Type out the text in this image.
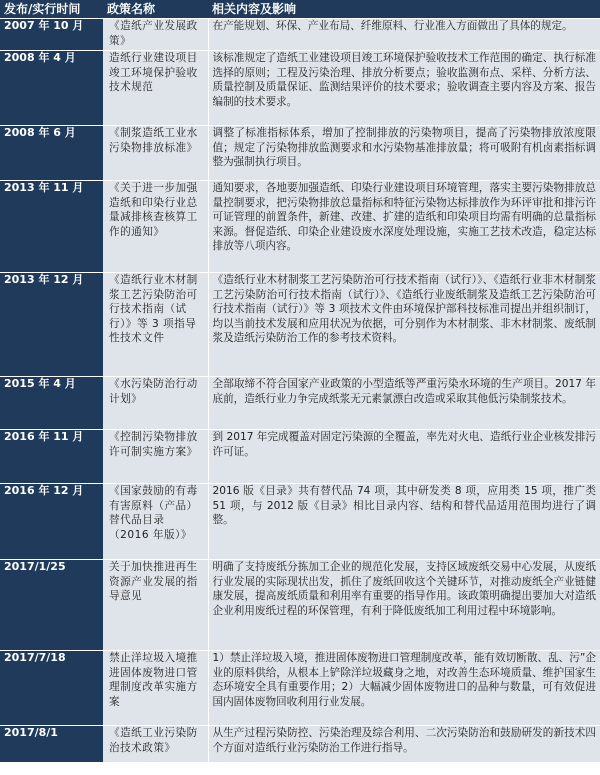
发布/实行时间	政策名称	相关内容及影响
2007 年 10 月	《造纸产业发展政策》	在产能规划、环保、产业布局、纤维原料、行业准入方面做出了具体的规定。
2008 年 4 月	造纸行业建设项目竣工环境保护验收技术规范	该标准规定了造纸工业建设项目竣工环境保护验收技术工作范围的确定、执行标准选择的原则；工程及污染治理、排放分析要点；验收监测布点、采样、分析方法、质量控制及质量保证、监测结果评价的技术要求；验收调查主要内容及方案、报告编制的技术要求。
2008 年 6 月	《制浆造纸工业水污染物排放标准》	调整了标准指标体系，增加了控制排放的污染物项目，提高了污染物排放浓度限值；规定了污染物排放监测要求和水污染物基准排放量；将可吸附有机卤素指标调整为强制执行项目。
2013 年 11 月	《关于进一步加强造纸和印染行业总量减排核查核算工作的通知》	通知要求，各地要加强造纸、印染行业建设项目环境管理，落实主要污染物排放总量控制要求，把污染物排放总量指标和特征污染物达标排放作为环评审批和排污许可证管理的前置条件，新建、改建、扩建的造纸和印染项目均需有明确的总量指标来源。督促造纸、印染企业建设废水深度处理设施，实施工艺技术改造，稳定达标排放等八项内容。
2013 年 12 月	《造纸行业木材制浆工艺污染防治可行技术指南（试行）》等 3 项指导性技术文件	《造纸行业木材制浆工艺污染防治可行技术指南（试行）》、《造纸行业非木材制浆工艺污染防治可行技术指南（试行）》、《造纸行业废纸制浆及造纸工艺污染防治可行技术指南（试行）》等 3 项技术文件由环境保护部科技标准司提出并组织制订，均以当前技术发展和应用状况为依据，可分别作为木材制浆、非木材制浆、废纸制浆及造纸污染防治工作的参考技术资料。
2015 年 4 月	《水污染防治行动计划》	全部取缔不符合国家产业政策的小型造纸等严重污染水环境的生产项目。2017 年底前，造纸行业力争完成纸浆无元素氯漂白改造或采取其他低污染制浆技术。
2016 年 11 月	《控制污染物排放许可制实施方案》	到 2017 年完成覆盖对固定污染源的全覆盖，率先对火电、造纸行业企业核发排污许可证。
2016 年 12 月	《国家鼓励的有毒有害原料（产品）替代品目录（2016 年版）》	2016 版《目录》共有替代品 74 项，其中研发类 8 项，应用类 15 项，推广类 51 项，与 2012 版《目录》相比目录内容、结构和替代品适用范围均进行了调整。
2017/1/25	关于加快推进再生资源产业发展的指导意见	明确了支持废纸分拣加工企业的规范化发展，支持区域废纸交易中心发展，从废纸行业发展的实际现状出发，抓住了废纸回收这个关键环节，对推动废纸全产业链健康发展，提高废纸质量和利用率有重要的指导作用。该政策明确提出要加大对造纸企业利用废纸过程的环保管理，有利于降低废纸加工利用过程中环境影响。
2017/7/18	禁止洋垃圾入境推进固体废物进口管理制度改革实施方案	1）禁止洋垃圾入境，推进固体废物进口管理制度改革，能有效切断散、乱、污”企业的原料供给，从根本上铲除洋垃圾藏身之地，对改善生态环境质量、维护国家生态环境安全具有重要作用；2）大幅减少固体废物进口的品种与数量，可有效促进国内固体废物回收利用行业发展。
2017/8/1	《造纸工业污染防治技术政策》	从生产过程污染防控、污染治理及综合利用、二次污染防治和鼓励研发的新技术四个方面对造纸行业污染防治工作进行指导。
